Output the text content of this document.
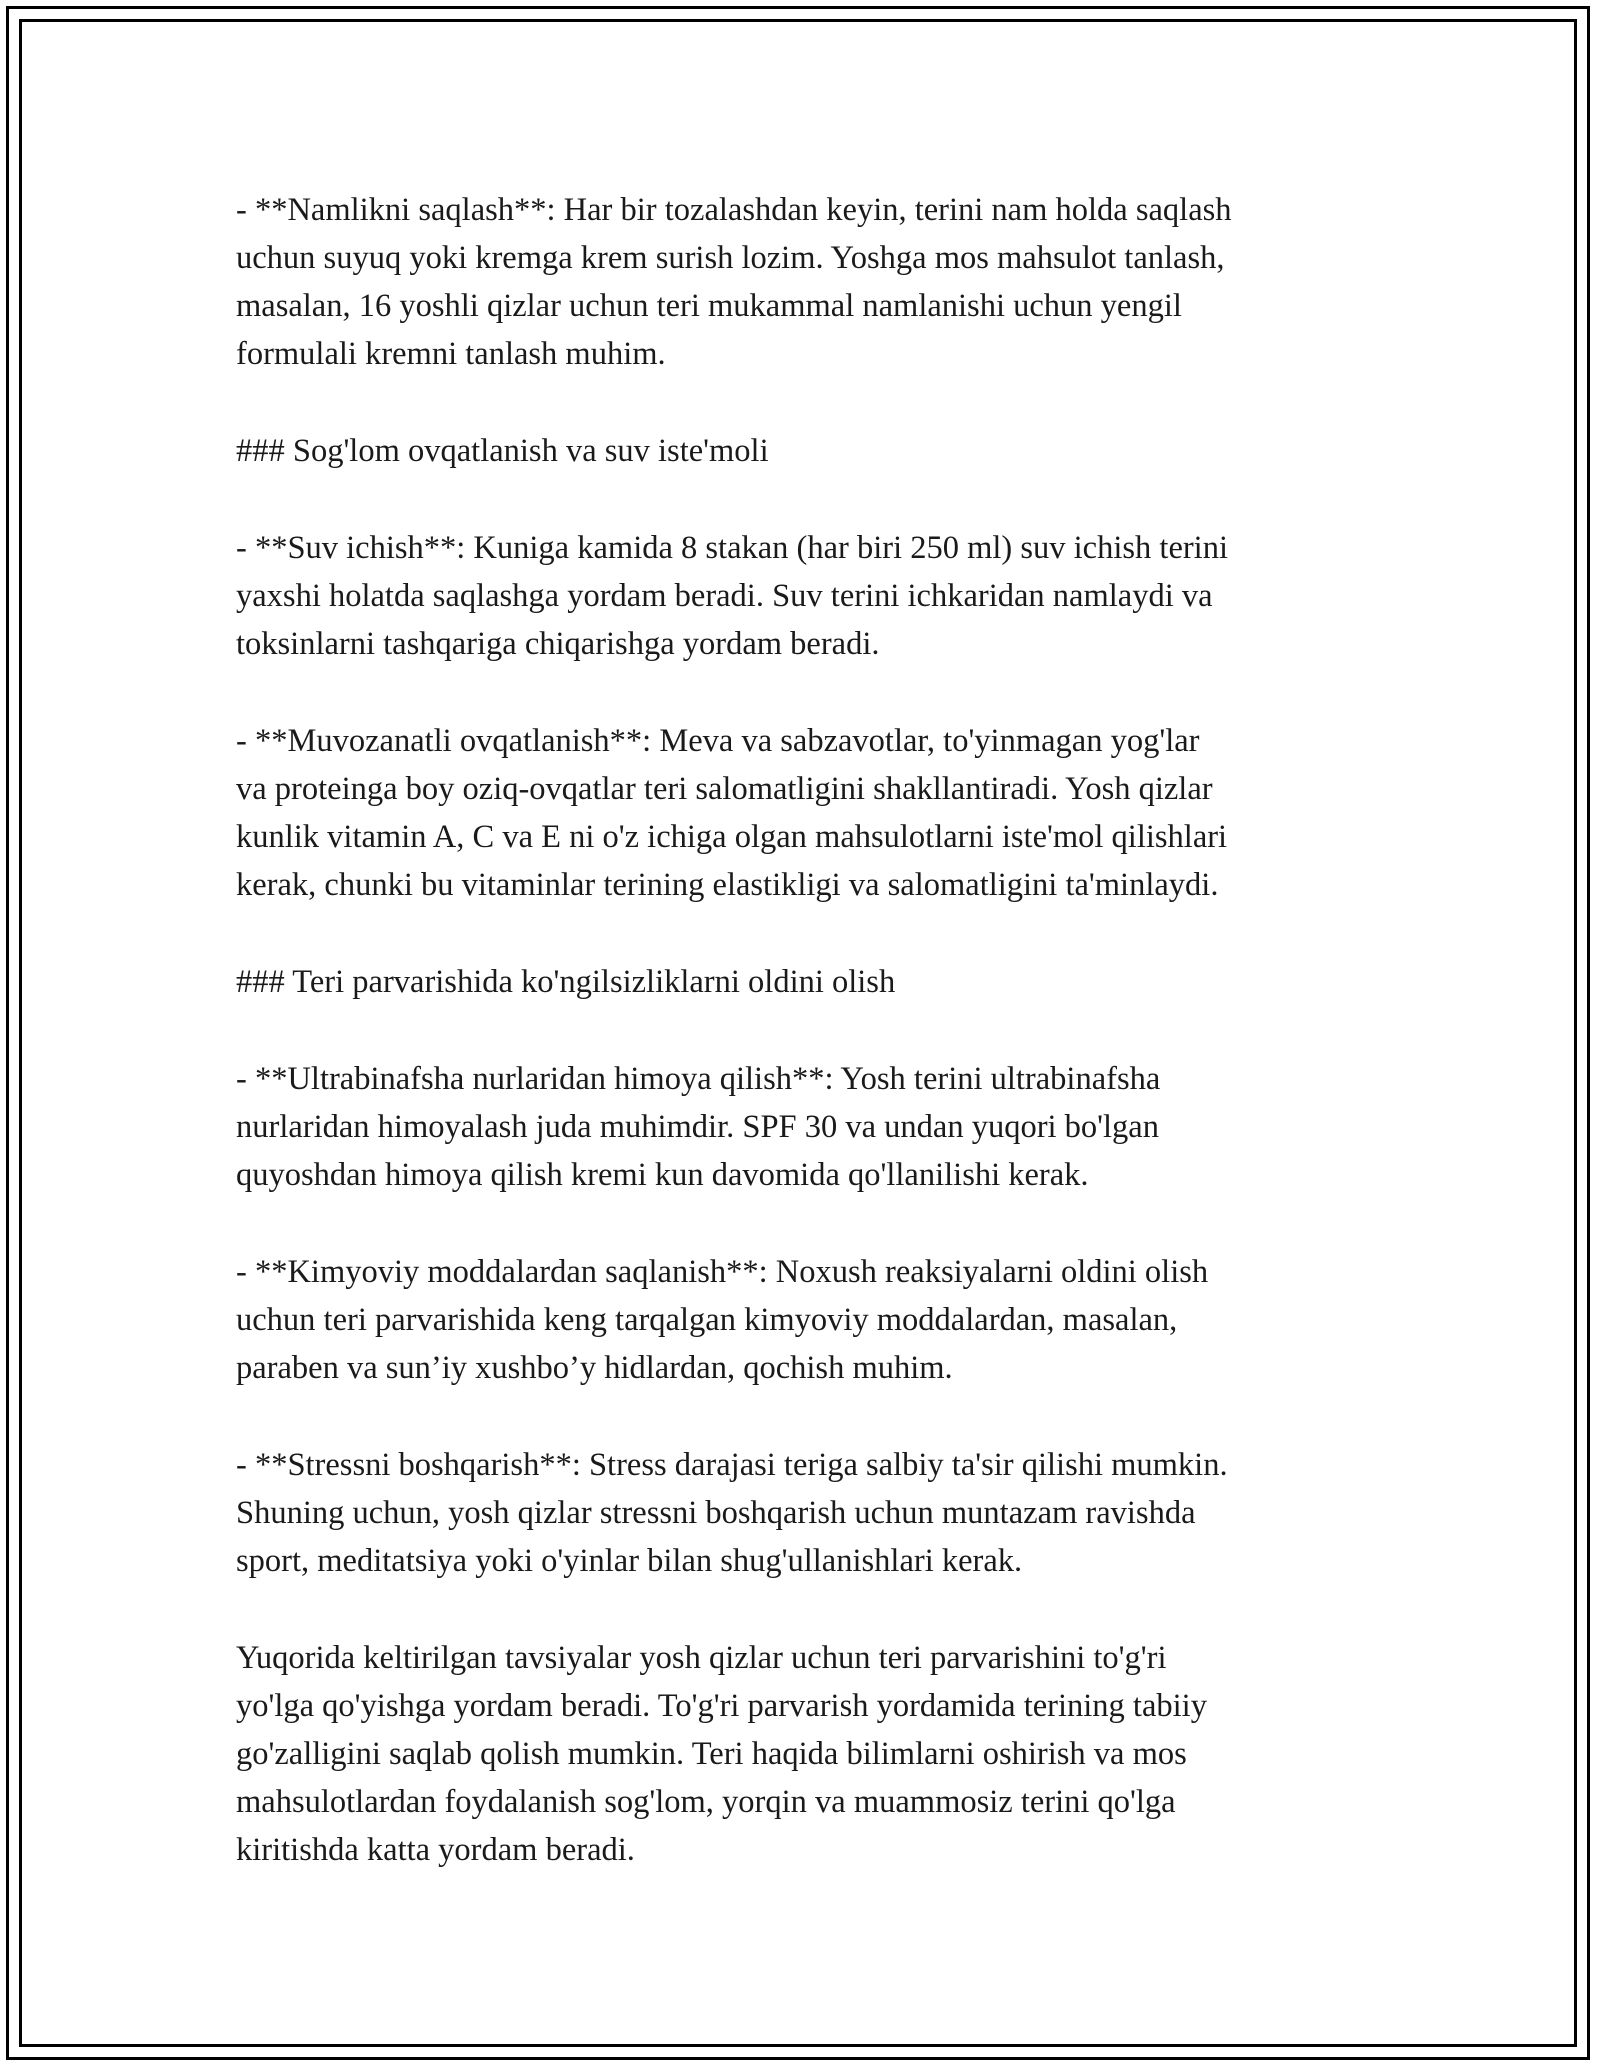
- **Namlikni saqlash**: Har bir tozalashdan keyin, terini nam holda saqlash
uchun suyuq yoki kremga krem surish lozim. Yoshga mos mahsulot tanlash,
masalan, 16 yoshli qizlar uchun teri mukammal namlanishi uchun yengil
formulali kremni tanlash muhim.

### Sog'lom ovqatlanish va suv iste'moli

- **Suv ichish**: Kuniga kamida 8 stakan (har biri 250 ml) suv ichish terini
yaxshi holatda saqlashga yordam beradi. Suv terini ichkaridan namlaydi va
toksinlarni tashqariga chiqarishga yordam beradi.

- **Muvozanatli ovqatlanish**: Meva va sabzavotlar, to'yinmagan yog'lar
va proteinga boy oziq-ovqatlar teri salomatligini shakllantiradi. Yosh qizlar
kunlik vitamin A, C va E ni o'z ichiga olgan mahsulotlarni iste'mol qilishlari
kerak, chunki bu vitaminlar terining elastikligi va salomatligini ta'minlaydi.

### Teri parvarishida ko'ngilsizliklarni oldini olish

- **Ultrabinafsha nurlaridan himoya qilish**: Yosh terini ultrabinafsha
nurlaridan himoyalash juda muhimdir. SPF 30 va undan yuqori bo'lgan
quyoshdan himoya qilish kremi kun davomida qo'llanilishi kerak.

- **Kimyoviy moddalardan saqlanish**: Noxush reaksiyalarni oldini olish
uchun teri parvarishida keng tarqalgan kimyoviy moddalardan, masalan,
paraben va sun’iy xushbo’y hidlardan, qochish muhim.

- **Stressni boshqarish**: Stress darajasi teriga salbiy ta'sir qilishi mumkin.
Shuning uchun, yosh qizlar stressni boshqarish uchun muntazam ravishda
sport, meditatsiya yoki o'yinlar bilan shug'ullanishlari kerak.

Yuqorida keltirilgan tavsiyalar yosh qizlar uchun teri parvarishini to'g'ri
yo'lga qo'yishga yordam beradi. To'g'ri parvarish yordamida terining tabiiy
go'zalligini saqlab qolish mumkin. Teri haqida bilimlarni oshirish va mos
mahsulotlardan foydalanish sog'lom, yorqin va muammosiz terini qo'lga
kiritishda katta yordam beradi.
